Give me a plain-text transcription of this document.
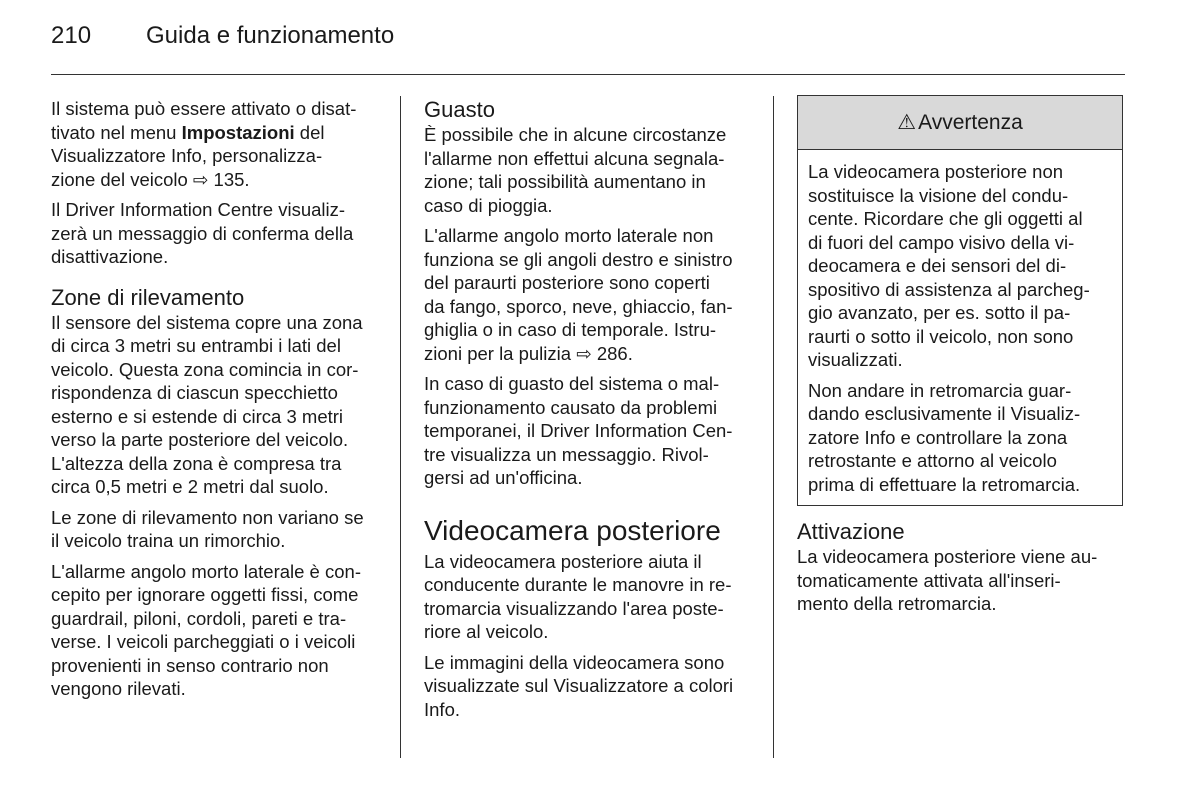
210	Guida e funzionamento

Il sistema può essere attivato o disat-
tivato nel menu Impostazioni del
Visualizzatore Info, personalizza-
zione del veicolo ⇨ 135.

Il Driver Information Centre visualiz-
zerà un messaggio di conferma della
disattivazione.

Zone di rilevamento

Il sensore del sistema copre una zona
di circa 3 metri su entrambi i lati del
veicolo. Questa zona comincia in cor-
rispondenza di ciascun specchietto
esterno e si estende di circa 3 metri
verso la parte posteriore del veicolo.
L'altezza della zona è compresa tra
circa 0,5 metri e 2 metri dal suolo.

Le zone di rilevamento non variano se
il veicolo traina un rimorchio.

L'allarme angolo morto laterale è con-
cepito per ignorare oggetti fissi, come
guardrail, piloni, cordoli, pareti e tra-
verse. I veicoli parcheggiati o i veicoli
provenienti in senso contrario non
vengono rilevati.

Guasto

È possibile che in alcune circostanze
l'allarme non effettui alcuna segnala-
zione; tali possibilità aumentano in
caso di pioggia.

L'allarme angolo morto laterale non
funziona se gli angoli destro e sinistro
del paraurti posteriore sono coperti
da fango, sporco, neve, ghiaccio, fan-
ghiglia o in caso di temporale. Istru-
zioni per la pulizia ⇨ 286.

In caso di guasto del sistema o mal-
funzionamento causato da problemi
temporanei, il Driver Information Cen-
tre visualizza un messaggio. Rivol-
gersi ad un'officina.

Videocamera posteriore

La videocamera posteriore aiuta il
conducente durante le manovre in re-
tromarcia visualizzando l'area poste-
riore al veicolo.

Le immagini della videocamera sono
visualizzate sul Visualizzatore a colori
Info.

⚠ Avvertenza

La videocamera posteriore non
sostituisce la visione del condu-
cente. Ricordare che gli oggetti al
di fuori del campo visivo della vi-
deocamera e dei sensori del di-
spositivo di assistenza al parcheg-
gio avanzato, per es. sotto il pa-
raurti o sotto il veicolo, non sono
visualizzati.

Non andare in retromarcia guar-
dando esclusivamente il Visualiz-
zatore Info e controllare la zona
retrostante e attorno al veicolo
prima di effettuare la retromarcia.

Attivazione

La videocamera posteriore viene au-
tomaticamente attivata all'inseri-
mento della retromarcia.
